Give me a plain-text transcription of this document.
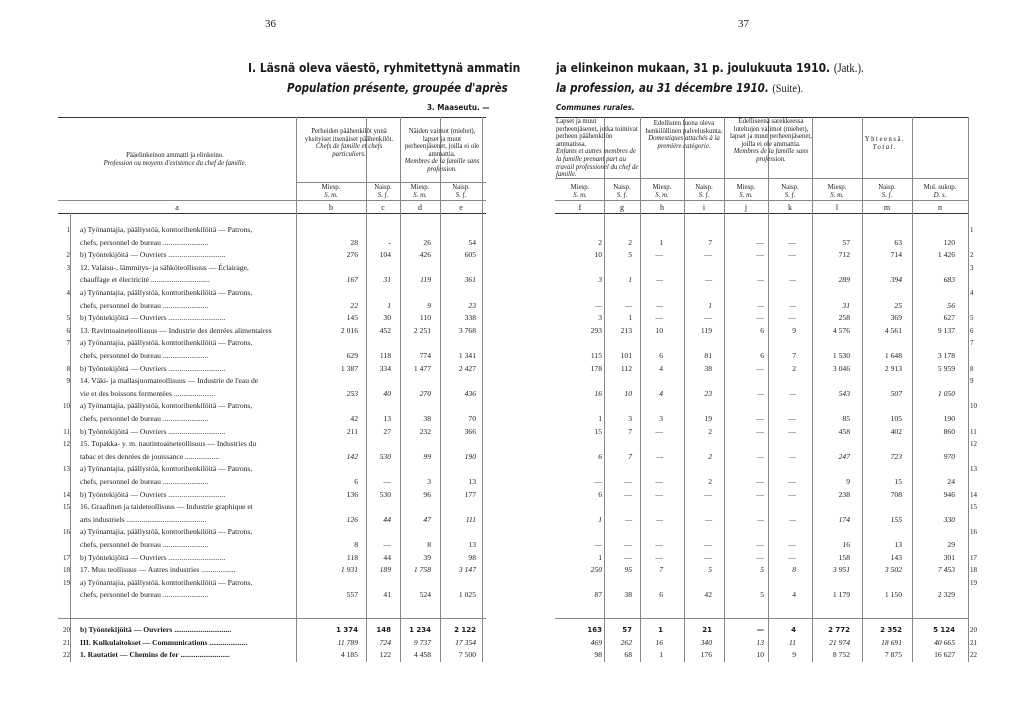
36	37
I. Läsnä oleva väestö, ryhmitettynä ammatin	ja elinkeinon mukaan, 31 p. joulukuuta 1910. (Jatk.).
Population présente, groupée d'après	la profession, au 31 décembre 1910. (Suite).
3. Maaseutu. —	Communes rurales.
Pääelinkeinon ammatti ja elinkeino.
Profession ou moyens d'existence du chef de famille.
Perheiden päähenkilöt ynnä yksityiset itsenäiset päähenkilöt.
Chefs de famille et chefs particuliers.
Näiden vaimot (miehet), lapset ja muut perheenjäsenet, joilla ei ole ammattia.
Membres de la famille sans profession.
Lapset ja muut perheenjäsenet, jotka toimivat perheen päähenkilön ammatissa.
Enfants et autres membres de la famille prenant part au travail professionel du chef de famille.
Edellisten luona oleva henkilöllinen palveluskunta.
Domestiques attachés à la première catégorie.
Edelliseenä sarekkeessa luteltujen valimot (miehet), lapset ja muut perheenjäsenet, joilla ei ole ammattia.
Membres de la famille sans profession.
Yhteensä.
Total.
Miesp.
S. m.
Naisp.
S. f.
Miesp.
S. m.
Naisp.
S. f.
Miesp.
S. m.
Naisp.
S. f.
Miesp.
S. m.
Naisp.
S. f.
Miesp.
S. m.
Naisp.
S. f.
Miesp.
S. m.
Naisp.
S. f.
Mol. sukup.
D. s.
a	b	c	d	e	f	g	h	i	j	k	l	m	n
1	1
a) Työnantajia, päällystöä, konttorihenkilöitä — Patrons,
chefs, personnel de bureau ........................	28	-	26	54	2	2	1	7	—	—	57	63	120
2	2
b) Työntekijöitä — Ouvriers ..............................	276	104	426	605	10	5	—	—	—	—	712	714	1 426
3	3
12. Valaisu-, lämmitys- ja sähköteollisuus — Éclairage,
chauffage et électricité ...............................	167	31	119	361	3	1	—	—	—	—	289	394	683
4	4
a) Työnantajia, päällystöä, konttorihenkilöitä — Patrons,
chefs, personnel de bureau ........................	22	1	9	23	—	—	—	1	—	—	31	25	56
5	5
b) Työntekijöitä — Ouvriers ..............................	145	30	110	338	3	1	—	—	—	—	258	369	627
6	6
13. Ravintoaineteollisuus — Industrie des denrées alimentaires	2 016	452	2 251	3 768	293	213	10	119	6	9	4 576	4 561	9 137
7	7
a) Työnantajia, päällystöä, konttorihenkilöitä — Patrons,
chefs, personnel de bureau ........................	629	118	774	1 341	115	101	6	81	6	7	1 530	1 648	3 178
8	8
b) Työntekijöitä — Ouvriers ..............................	1 387	334	1 477	2 427	178	112	4	38	—	2	3 046	2 913	5 959
9	9
14. Väki- ja mallasjuomateollisuus — Industrie de l'eau de
vie et des boissons fermentées ......................	253	40	270	436	16	10	4	23	—	—	543	507	1 050
10	10
a) Työnantajia, päällystöä, konttorihenkilöitä — Patrons,
chefs, personnel de bureau ........................	42	13	38	70	1	3	3	19	—	—	85	105	190
11	11
b) Työntekijöitä — Ouvriers ..............................	211	27	232	366	15	7	—	2	—	—	458	402	860
12	12
15. Tupakka- y. m. nautintoaineteollisuus — Industries du
tabac et des denrées de jouissance ..................	142	530	99	190	6	7	—	2	—	—	247	723	970
13	13
a) Työnantajia, päällystöä, konttorihenkilöitä — Patrons,
chefs, personnel de bureau ........................	6	—	3	13	—	—	—	2	—	—	9	15	24
14	14
b) Työntekijöitä — Ouvriers ..............................	136	530	96	177	6	—	—	—	—	—	238	708	946
15	15
16. Graafinen ja taideteollisuus — Industrie graphique et
arts industriels ..........................................	126	44	47	111	1	—	—	—	—	—	174	155	330
16	16
a) Työnantajia, päällystöä, konttorihenkilöitä — Patrons,
chefs, personnel de bureau ........................	8	—	8	13	—	—	—	—	—	—	16	13	29
17	17
b) Työntekijöitä — Ouvriers ..............................	118	44	39	98	1	—	—	—	—	—	158	143	301
18	18
17. Muu teollisuus — Autres industries ..................	1 931	189	1 758	3 147	250	95	7	5	5	8	3 951	3 502	7 453
19	19
a) Työnantajia, päällystöä, konttorihenkilöitä — Patrons,
chefs, personnel de bureau ........................	557	41	524	1 025	87	38	6	42	5	4	1 179	1 150	2 329
20	20
b) Työntekijöitä — Ouvriers ..............................	1 374	148	1 234	2 122	163	57	1	21	—	4	2 772	2 352	5 124
21	21
III. Kulkulaitokset — Communications ....................	11 789	724	9 737	17 354	469	262	16	340	13	11	21 974	18 691	40 665
22	22
1. Rautatiet — Chemins de fer ..........................	4 185	122	4 458	7 500	98	68	1	176	10	9	8 752	7 875	16 627
